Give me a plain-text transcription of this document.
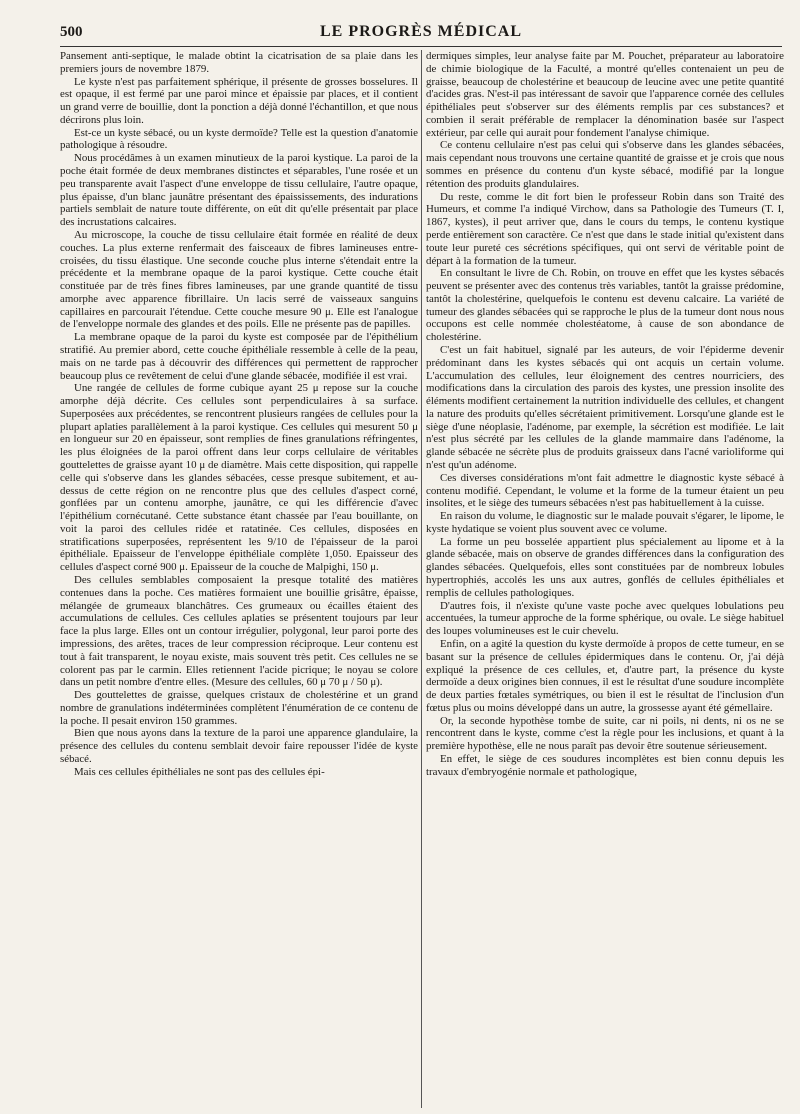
500	LE PROGRÈS MÉDICAL

Pansement anti-septique, le malade obtint la cicatrisation de sa plaie dans les premiers jours de novembre 1879.

Le kyste n'est pas parfaitement sphérique, il présente de grosses bosselures. Il est opaque, il est fermé par une paroi mince et épaissie par places, et il contient un grand verre de bouillie, dont la ponction a déjà donné l'échantillon, et que nous décrirons plus loin.

Est-ce un kyste sébacé, ou un kyste dermoïde? Telle est la question d'anatomie pathologique à résoudre.

Nous procédâmes à un examen minutieux de la paroi kystique. La paroi de la poche était formée de deux membranes distinctes et séparables, l'une rosée et un peu transparente avait l'aspect d'une enveloppe de tissu cellulaire, l'autre opaque, plus épaisse, d'un blanc jaunâtre présentant des épaississements, des indurations partiels semblait de nature toute différente, on eût dit qu'elle présentait par place des incrustations calcaires.

Au microscope, la couche de tissu cellulaire était formée en réalité de deux couches. La plus externe renfermait des faisceaux de fibres lamineuses entre-croisées, du tissu élastique. Une seconde couche plus interne s'étendait entre la précédente et la membrane opaque de la paroi kystique. Cette couche était constituée par de très fines fibres lamineuses, par une grande quantité de tissu amorphe avec apparence fibrillaire. Un lacis serré de vaisseaux sanguins capillaires en parcourait l'étendue. Cette couche mesure 90 μ. Elle est l'analogue de l'enveloppe normale des glandes et des poils. Elle ne présente pas de papilles.

La membrane opaque de la paroi du kyste est composée par de l'épithélium stratifié. Au premier abord, cette couche épithéliale ressemble à celle de la peau, mais on ne tarde pas à découvrir des différences qui permettent de rapprocher beaucoup plus ce revêtement de celui d'une glande sébacée, modifiée il est vrai.

Une rangée de cellules de forme cubique ayant 25 μ repose sur la couche amorphe déjà décrite. Ces cellules sont perpendiculaires à sa surface. Superposées aux précédentes, se rencontrent plusieurs rangées de cellules pour la plupart aplaties parallèlement à la paroi kystique. Ces cellules qui mesurent 50 μ en longueur sur 20 en épaisseur, sont remplies de fines granulations réfringentes, les plus éloignées de la paroi offrent dans leur corps cellulaire de véritables gouttelettes de graisse ayant 10 μ de diamètre. Mais cette disposition, qui rappelle celle qui s'observe dans les glandes sébacées, cesse presque subitement, et au-dessus de cette région on ne rencontre plus que des cellules d'aspect corné, gonflées par un contenu amorphe, jaunâtre, ce qui les différencie d'avec l'épithélium cornécutané. Cette substance étant chassée par l'eau bouillante, on voit la paroi des cellules ridée et ratatinée. Ces cellules, disposées en stratifications superposées, représentent les 9/10 de l'épaisseur de la paroi épithéliale. Epaisseur de l'enveloppe épithéliale complète 1,050. Epaisseur des cellules d'aspect corné 900 μ. Epaisseur de la couche de Malpighi, 150 μ.

Des cellules semblables composaient la presque totalité des matières contenues dans la poche. Ces matières formaient une bouillie grisâtre, épaisse, mélangée de grumeaux blanchâtres. Ces grumeaux ou écailles étaient des accumulations de cellules. Ces cellules aplaties se présentent toujours par leur face la plus large. Elles ont un contour irrégulier, polygonal, leur paroi porte des impressions, des arêtes, traces de leur compression réciproque. Leur contenu est tout à fait transparent, le noyau existe, mais souvent très petit. Ces cellules ne se colorent pas par le carmin. Elles retiennent l'acide picrique; le noyau se colore dans un petit nombre d'entre elles. (Mesure des cellules, 60 μ 70 μ / 50 μ).

Des gouttelettes de graisse, quelques cristaux de cholestérine et un grand nombre de granulations indéterminées complètent l'énumération de ce contenu de la poche. Il pesait environ 150 grammes.

Bien que nous ayons dans la texture de la paroi une apparence glandulaire, la présence des cellules du contenu semblait devoir faire repousser l'idée de kyste sébacé.

Mais ces cellules épithéliales ne sont pas des cellules épi-

dermiques simples, leur analyse faite par M. Pouchet, préparateur au laboratoire de chimie biologique de la Faculté, a montré qu'elles contenaient un peu de graisse, beaucoup de cholestérine et beaucoup de leucine avec une petite quantité d'acides gras. N'est-il pas intéressant de savoir que l'apparence cornée des cellules épithéliales peut s'observer sur des éléments remplis par ces substances? et combien il serait préférable de remplacer la dénomination basée sur l'aspect extérieur, par celle qui aurait pour fondement l'analyse chimique.

Ce contenu cellulaire n'est pas celui qui s'observe dans les glandes sébacées, mais cependant nous trouvons une certaine quantité de graisse et je crois que nous sommes en présence du contenu d'un kyste sébacé, modifié par la longue rétention des produits glandulaires.

Du reste, comme le dit fort bien le professeur Robin dans son Traité des Humeurs, et comme l'a indiqué Virchow, dans sa Pathologie des Tumeurs (T. I, 1867, kystes), il peut arriver que, dans le cours du temps, le contenu kystique perde entièrement son caractère. Ce n'est que dans le stade initial qu'existent dans toute leur pureté ces sécrétions spécifiques, qui ont servi de véritable point de départ à la formation de la tumeur.

En consultant le livre de Ch. Robin, on trouve en effet que les kystes sébacés peuvent se présenter avec des contenus très variables, tantôt la graisse prédomine, tantôt la cholestérine, quelquefois le contenu est devenu calcaire. La variété de tumeur des glandes sébacées qui se rapproche le plus de la tumeur dont nous nous occupons est celle nommée cholestéatome, à cause de son abondance de cholestérine.

C'est un fait habituel, signalé par les auteurs, de voir l'épiderme devenir prédominant dans les kystes sébacés qui ont acquis un certain volume. L'accumulation des cellules, leur éloignement des centres nourriciers, des modifications dans la circulation des parois des kystes, une pression insolite des éléments modifient certainement la nutrition individuelle des cellules, et changent la nature des produits qu'elles sécrétaient primitivement. Lorsqu'une glande est le siège d'une néoplasie, l'adénome, par exemple, la sécrétion est modifiée. Le lait n'est plus sécrété par les cellules de la glande mammaire dans l'adénome, la glande sébacée ne sécrète plus de produits graisseux dans l'acné varioliforme qui n'est qu'un adénome.

Ces diverses considérations m'ont fait admettre le diagnostic kyste sébacé à contenu modifié. Cependant, le volume et la forme de la tumeur étaient un peu insolites, et le siège des tumeurs sébacées n'est pas habituellement à la cuisse.

En raison du volume, le diagnostic sur le malade pouvait s'égarer, le lipome, le kyste hydatique se voient plus souvent avec ce volume.

La forme un peu bosselée appartient plus spécialement au lipome et à la glande sébacée, mais on observe de grandes différences dans la configuration des glandes sébacées. Quelquefois, elles sont constituées par de nombreux lobules hypertrophiés, accolés les uns aux autres, gonflés de cellules épithéliales et remplis de cellules pathologiques.

D'autres fois, il n'existe qu'une vaste poche avec quelques lobulations peu accentuées, la tumeur approche de la forme sphérique, ou ovale. Le siège habituel des loupes volumineuses est le cuir chevelu.

Enfin, on a agité la question du kyste dermoïde à propos de cette tumeur, en se basant sur la présence de cellules épidermiques dans le contenu. Or, j'ai déjà expliqué la présence de ces cellules, et, d'autre part, la présence du kyste dermoïde a deux origines bien connues, il est le résultat d'une soudure incomplète de deux parties fœtales symétriques, ou bien il est le résultat de l'inclusion d'un fœtus plus ou moins développé dans un autre, la grossesse ayant été gémellaire.

Or, la seconde hypothèse tombe de suite, car ni poils, ni dents, ni os ne se rencontrent dans le kyste, comme c'est la règle pour les inclusions, et quant à la première hypothèse, elle ne nous paraît pas devoir être soutenue sérieusement.

En effet, le siège de ces soudures incomplètes est bien connu depuis les travaux d'embryogénie normale et pathologique,
